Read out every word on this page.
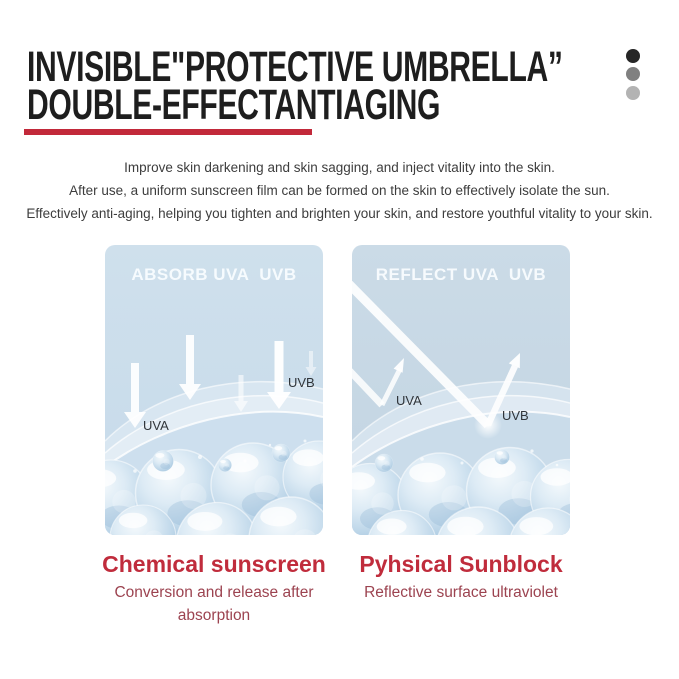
INVISIBLE"PROTECTIVE UMBRELLA”
DOUBLE-EFFECTANTIAGING
Improve skin darkening and skin sagging, and inject vitality into the skin.
After use, a uniform sunscreen film can be formed on the skin to effectively isolate the sun.
Effectively anti-aging, helping you tighten and brighten your skin, and restore youthful vitality to your skin.
ABSORB UVA  UVB
UVA
UVB
REFLECT UVA  UVB
UVA
UVB
Chemical sunscreen
Conversion and release after
absorption
Pyhsical Sunblock
Reflective surface ultraviolet
